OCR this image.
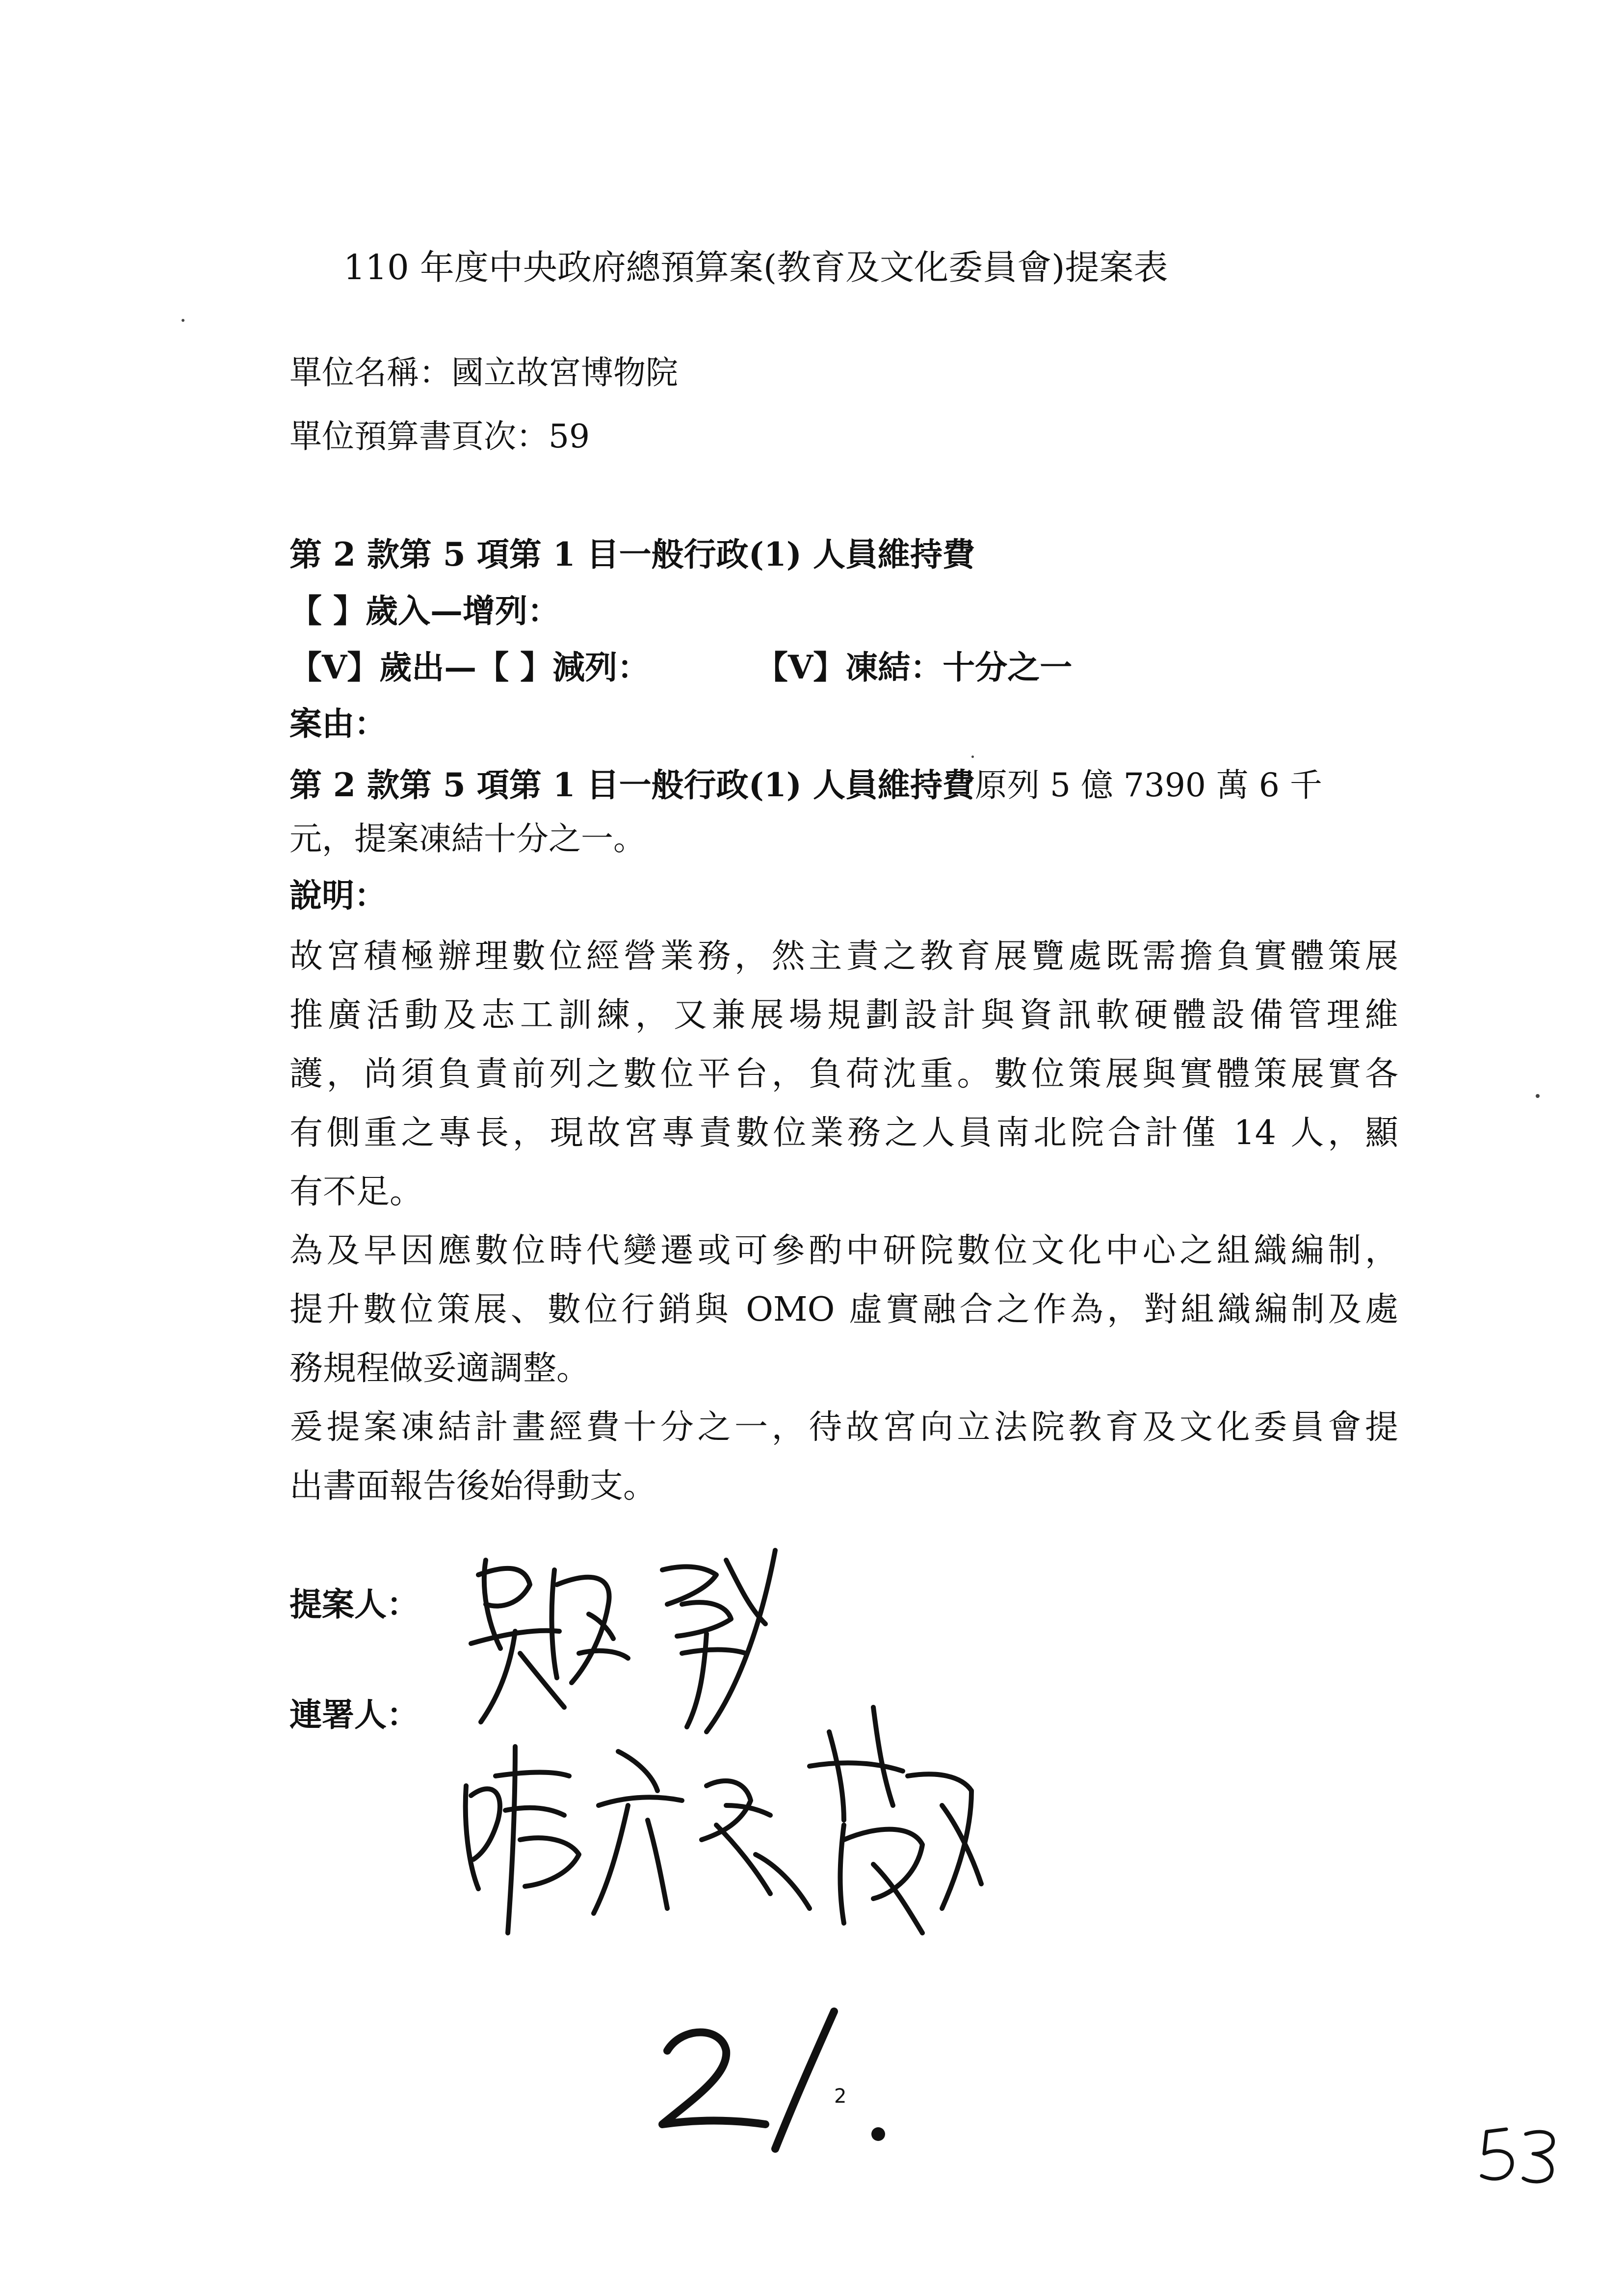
110 年度中央政府總預算案(教育及文化委員會)提案表
單位名稱：國立故宮博物院
單位預算書頁次：59
第 2 款第 5 項第 1 目一般行政(1) 人員維持費
【 】歲入—增列：
【V】歲出—【 】減列：	【V】凍結：十分之一
案由：
第 2 款第 5 項第 1 目一般行政(1) 人員維持費原列 5 億 7390 萬 6 千
元，提案凍結十分之一。
說明：
故宮積極辦理數位經營業務，然主責之教育展覽處既需擔負實體策展
推廣活動及志工訓練，又兼展場規劃設計與資訊軟硬體設備管理維
護，尚須負責前列之數位平台，負荷沈重。數位策展與實體策展實各
有側重之專長，現故宮專責數位業務之人員南北院合計僅 14 人，顯
有不足。
為及早因應數位時代變遷或可參酌中研院數位文化中心之組織編制，
提升數位策展、數位行銷與 OMO 虛實融合之作為，對組織編制及處
務規程做妥適調整。
爰提案凍結計畫經費十分之一，待故宮向立法院教育及文化委員會提
出書面報告後始得動支。
提案人：
連署人：
2
